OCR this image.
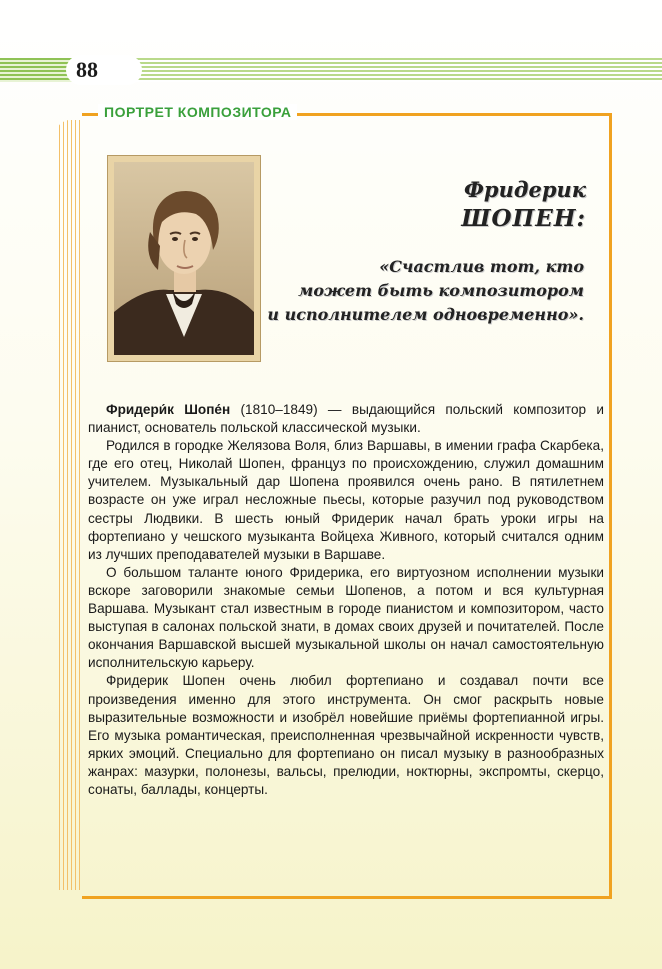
88
ПОРТРЕТ КОМПОЗИТОРА
Фридерик
ШОПЕН:
«Счастлив тот, кто
может быть композитором
и исполнителем одновременно».

Фридери́к Шопе́н (1810–1849) — выдающийся польский композитор и пианист, основатель польской классической музыки.

Родился в городке Желязова Воля, близ Варшавы, в имении графа Скарбека, где его отец, Николай Шопен, француз по происхождению, служил домашним учителем. Музыкальный дар Шопена проявился очень рано. В пятилетнем возрасте он уже играл несложные пьесы, которые разучил под руководством сестры Людвики. В шесть юный Фридерик начал брать уроки игры на фортепиано у чешского музыканта Войцеха Живного, который считался одним из лучших преподавателей музыки в Варшаве.

О большом таланте юного Фридерика, его виртуозном исполнении музыки вскоре заговорили знакомые семьи Шопенов, а потом и вся культурная Варшава. Музыкант стал известным в городе пианистом и композитором, часто выступая в салонах польской знати, в домах своих друзей и почитателей. После окончания Варшавской высшей музыкальной школы он начал самостоятельную исполнительскую карьеру.

Фридерик Шопен очень любил фортепиано и создавал почти все произведения именно для этого инструмента. Он смог раскрыть новые выразительные возможности и изобрёл новейшие приёмы фортепианной игры. Его музыка романтическая, преисполненная чрезвычайной искренности чувств, ярких эмоций. Специально для фортепиано он писал музыку в разнообразных жанрах: мазурки, полонезы, вальсы, прелюдии, ноктюрны, экспромты, скерцо, сонаты, баллады, концерты.
